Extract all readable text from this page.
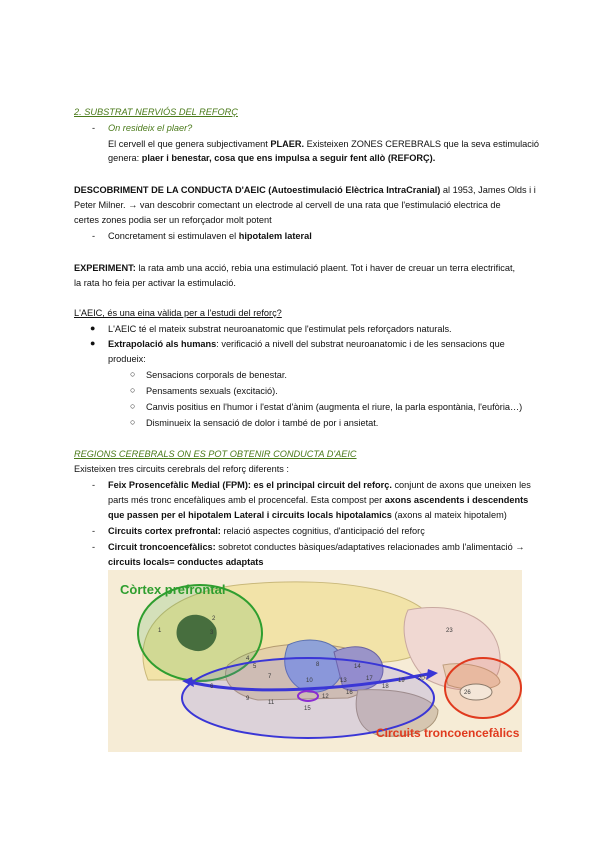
2. SUBSTRAT NERVIÓS DEL REFORÇ
- On resideix el plaer?
El cervell el que genera subjectivament PLAER. Existeixen ZONES CEREBRALS que la seva estimulació
genera: plaer i benestar, cosa que ens impulsa a seguir fent allò (REFORÇ).
DESCOBRIMENT DE LA CONDUCTA D'AEIC (Autoestimulació Elèctrica IntraCranial) al 1953, James Olds i i
Peter Milner. → van descobrir comectant un electrode al cervell de una rata que l'estimulació electrica de
certes zones podia ser un reforçador molt potent
- Concretament si estimulaven el hipotalem lateral
EXPERIMENT: la rata amb una acció, rebia una estimulació plaent. Tot i haver de creuar un terra electrificat,
la rata ho feia per activar la estimulació.
L'AEIC, és una eina vàlida per a l'estudi del reforç?
● L'AEIC té el mateix substrat neuroanatomic que l'estimulat pels reforçadors naturals.
● Extrapolació als humans: verificació a nivell del substrat neuroanatomic i de les sensacions que
produeix:
○ Sensacions corporals de benestar.
○ Pensaments sexuals (excitació).
○ Canvis positius en l'humor i l'estat d'ànim (augmenta el riure, la parla espontània, l'eufòria…)
○ Disminueix la sensació de dolor i també de por i ansietat.
REGIONS CEREBRALS ON ES POT OBTENIR CONDUCTA D'AEIC
Existeixen tres circuits cerebrals del reforç diferents :
- Feix Prosencefàlic Medial (FPM): es el principal circuit del reforç. conjunt de axons que uneixen les
parts més tronc encefàliques amb el procencefal. Esta compost per axons ascendents i descendents
que passen per el hipotalem Lateral i circuits locals hipotalamics (axons al mateix hipotalem)
- Circuits cortex prefrontal: relació aspectes cognitius, d'anticipació del reforç
- Circuit troncoencefàlics: sobretot conductes bàsiques/adaptatives relacionades amb l'alimentació →
circuits locals= conductes adaptats
Còrtex prefrontal
Circuits troncoencefàlics
1
2
3
4
5
6
7
8
9
10
11
12
13
14
15
16
17
18
19 20
23
26
